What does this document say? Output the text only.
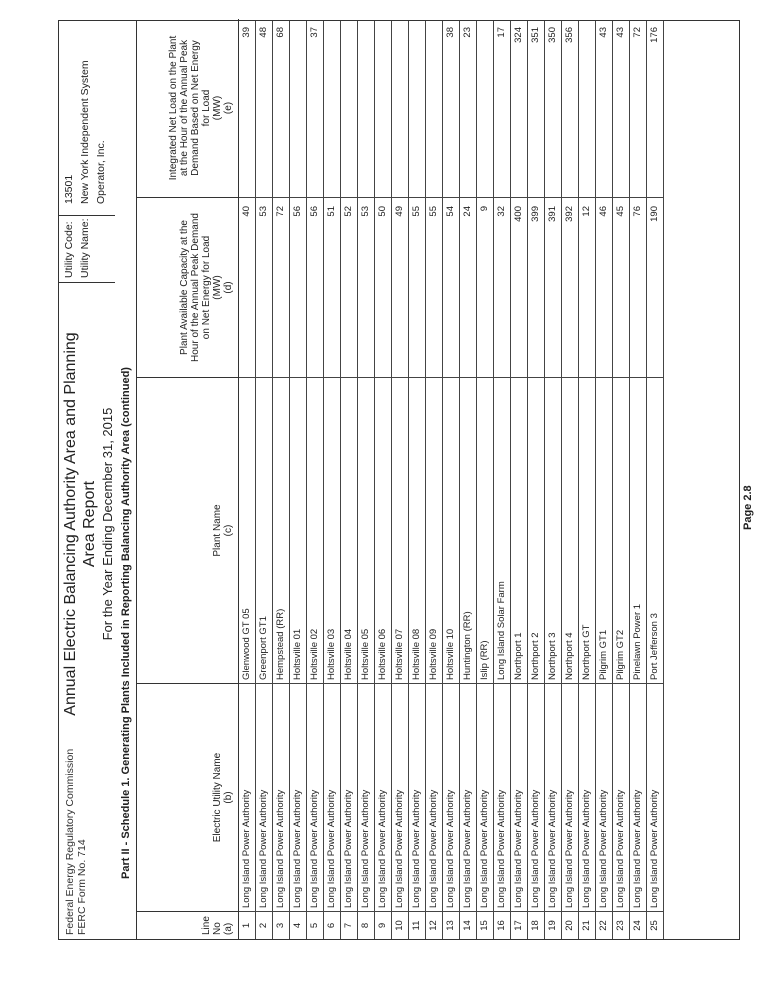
Federal Energy Regulatory Commission FERC Form No. 714
Annual Electric Balancing Authority Area and Planning Area Report For the Year Ending December 31, 2015
Utility Code:
13501
Utility Name:
New York Independent System Operator, Inc.
Part II - Schedule 1. Generating Plants Included in Reporting Balancing Authority Area (continued)
Line No (a)
Electric Utility Name (b)
Plant Name (c)
Plant Available Capacity at the Hour of the Annual Peak Demand on Net Energy for Load (MW) (d)
Integrated Net Load on the Plant at the Hour of the Annual Peak Demand Based on Net Energy for Load (MW) (e)
1
Long Island Power Authority
Glenwood GT 05
40
39
2
Long Island Power Authority
Greenport GT1
53
48
3
Long Island Power Authority
Hempstead (RR)
72
68
4
Long Island Power Authority
Holtsville 01
56
5
Long Island Power Authority
Holtsville 02
56
37
6
Long Island Power Authority
Holtsville 03
51
7
Long Island Power Authority
Holtsville 04
52
8
Long Island Power Authority
Holtsville 05
53
9
Long Island Power Authority
Holtsville 06
50
10
Long Island Power Authority
Holtsville 07
49
11
Long Island Power Authority
Holtsville 08
55
12
Long Island Power Authority
Holtsville 09
55
13
Long Island Power Authority
Holtsville 10
54
38
14
Long Island Power Authority
Huntington (RR)
24
23
15
Long Island Power Authority
Islip (RR)
9
16
Long Island Power Authority
Long Island Solar Farm
32
17
17
Long Island Power Authority
Northport 1
400
324
18
Long Island Power Authority
Northport 2
399
351
19
Long Island Power Authority
Northport 3
391
350
20
Long Island Power Authority
Northport 4
392
356
21
Long Island Power Authority
Northport GT
12
22
Long Island Power Authority
Pilgrim GT1
46
43
23
Long Island Power Authority
Pilgrim GT2
45
43
24
Long Island Power Authority
Pinelawn Power 1
76
72
25
Long Island Power Authority
Port Jefferson 3
190
176
Page 2.8
